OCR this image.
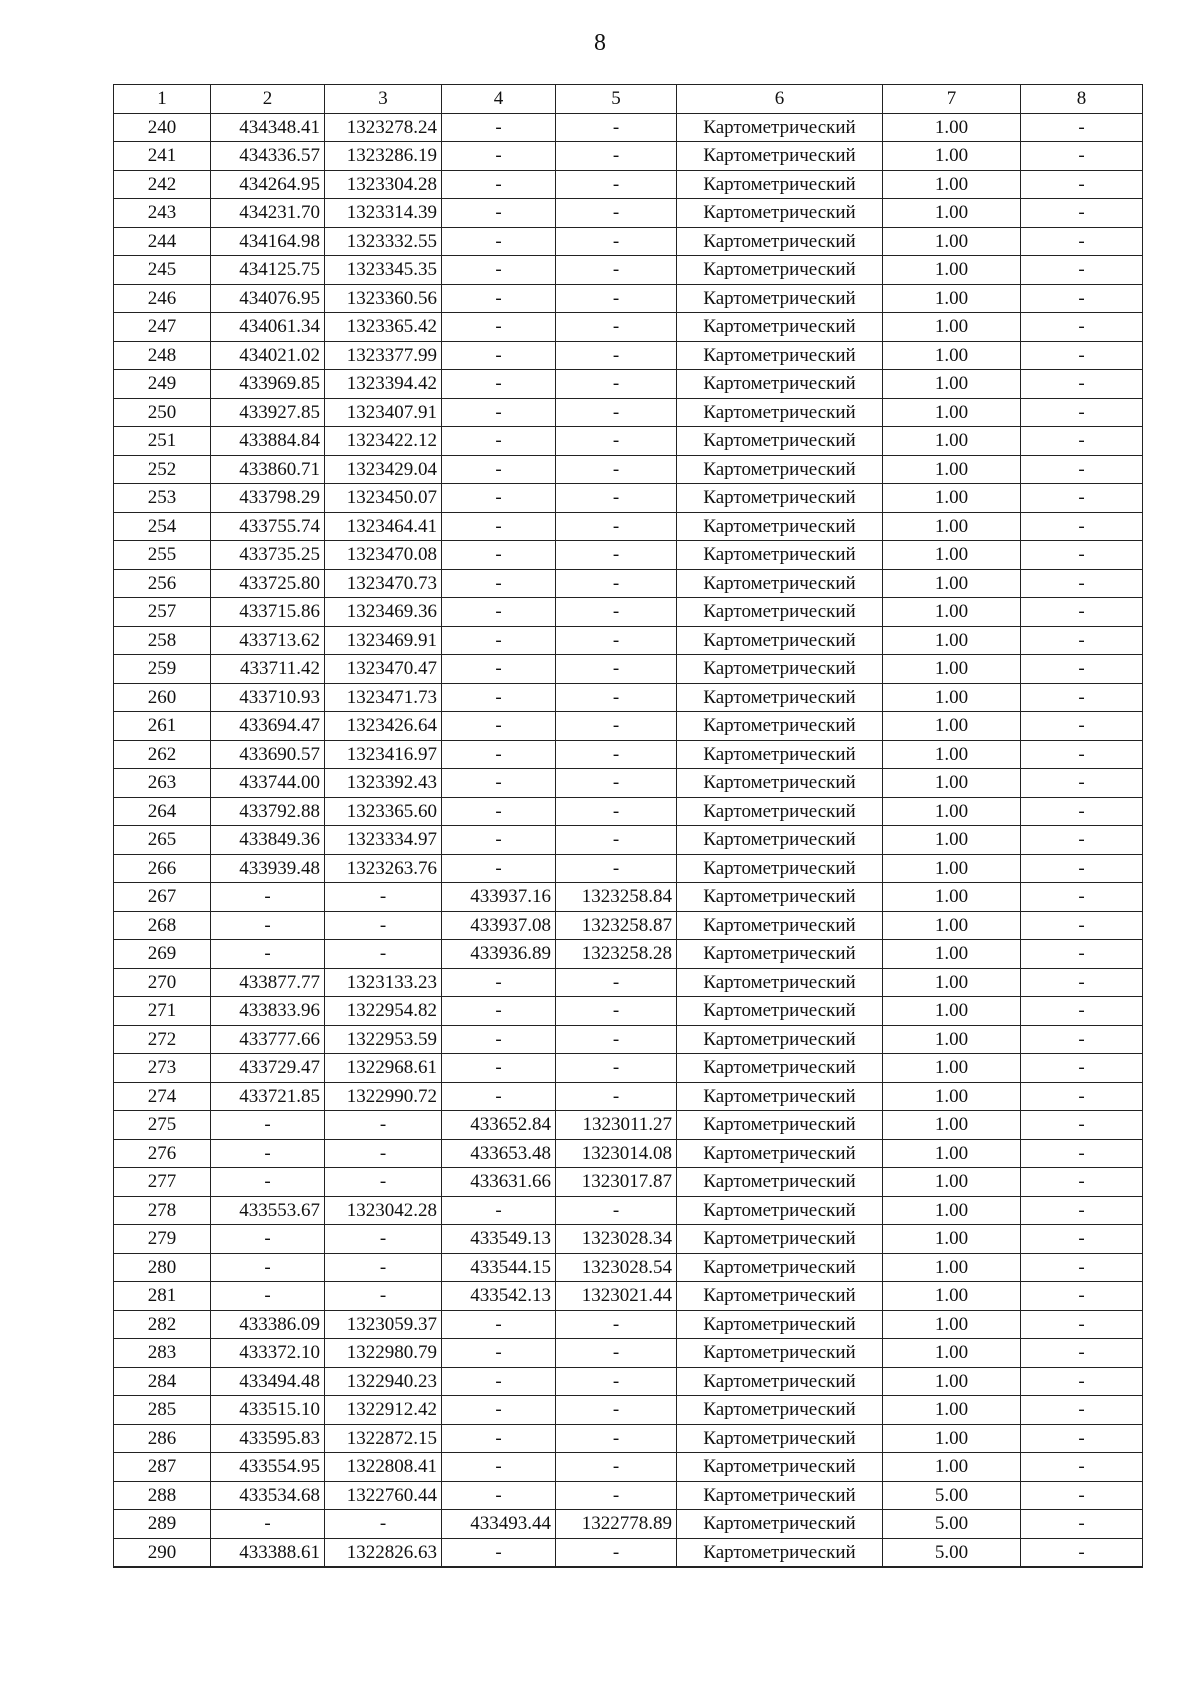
8
1	2	3	4	5	6	7	8
240	434348.41	1323278.24	-	-	Картометрический	1.00	-
241	434336.57	1323286.19	-	-	Картометрический	1.00	-
242	434264.95	1323304.28	-	-	Картометрический	1.00	-
243	434231.70	1323314.39	-	-	Картометрический	1.00	-
244	434164.98	1323332.55	-	-	Картометрический	1.00	-
245	434125.75	1323345.35	-	-	Картометрический	1.00	-
246	434076.95	1323360.56	-	-	Картометрический	1.00	-
247	434061.34	1323365.42	-	-	Картометрический	1.00	-
248	434021.02	1323377.99	-	-	Картометрический	1.00	-
249	433969.85	1323394.42	-	-	Картометрический	1.00	-
250	433927.85	1323407.91	-	-	Картометрический	1.00	-
251	433884.84	1323422.12	-	-	Картометрический	1.00	-
252	433860.71	1323429.04	-	-	Картометрический	1.00	-
253	433798.29	1323450.07	-	-	Картометрический	1.00	-
254	433755.74	1323464.41	-	-	Картометрический	1.00	-
255	433735.25	1323470.08	-	-	Картометрический	1.00	-
256	433725.80	1323470.73	-	-	Картометрический	1.00	-
257	433715.86	1323469.36	-	-	Картометрический	1.00	-
258	433713.62	1323469.91	-	-	Картометрический	1.00	-
259	433711.42	1323470.47	-	-	Картометрический	1.00	-
260	433710.93	1323471.73	-	-	Картометрический	1.00	-
261	433694.47	1323426.64	-	-	Картометрический	1.00	-
262	433690.57	1323416.97	-	-	Картометрический	1.00	-
263	433744.00	1323392.43	-	-	Картометрический	1.00	-
264	433792.88	1323365.60	-	-	Картометрический	1.00	-
265	433849.36	1323334.97	-	-	Картометрический	1.00	-
266	433939.48	1323263.76	-	-	Картометрический	1.00	-
267	-	-	433937.16	1323258.84	Картометрический	1.00	-
268	-	-	433937.08	1323258.87	Картометрический	1.00	-
269	-	-	433936.89	1323258.28	Картометрический	1.00	-
270	433877.77	1323133.23	-	-	Картометрический	1.00	-
271	433833.96	1322954.82	-	-	Картометрический	1.00	-
272	433777.66	1322953.59	-	-	Картометрический	1.00	-
273	433729.47	1322968.61	-	-	Картометрический	1.00	-
274	433721.85	1322990.72	-	-	Картометрический	1.00	-
275	-	-	433652.84	1323011.27	Картометрический	1.00	-
276	-	-	433653.48	1323014.08	Картометрический	1.00	-
277	-	-	433631.66	1323017.87	Картометрический	1.00	-
278	433553.67	1323042.28	-	-	Картометрический	1.00	-
279	-	-	433549.13	1323028.34	Картометрический	1.00	-
280	-	-	433544.15	1323028.54	Картометрический	1.00	-
281	-	-	433542.13	1323021.44	Картометрический	1.00	-
282	433386.09	1323059.37	-	-	Картометрический	1.00	-
283	433372.10	1322980.79	-	-	Картометрический	1.00	-
284	433494.48	1322940.23	-	-	Картометрический	1.00	-
285	433515.10	1322912.42	-	-	Картометрический	1.00	-
286	433595.83	1322872.15	-	-	Картометрический	1.00	-
287	433554.95	1322808.41	-	-	Картометрический	1.00	-
288	433534.68	1322760.44	-	-	Картометрический	5.00	-
289	-	-	433493.44	1322778.89	Картометрический	5.00	-
290	433388.61	1322826.63	-	-	Картометрический	5.00	-
